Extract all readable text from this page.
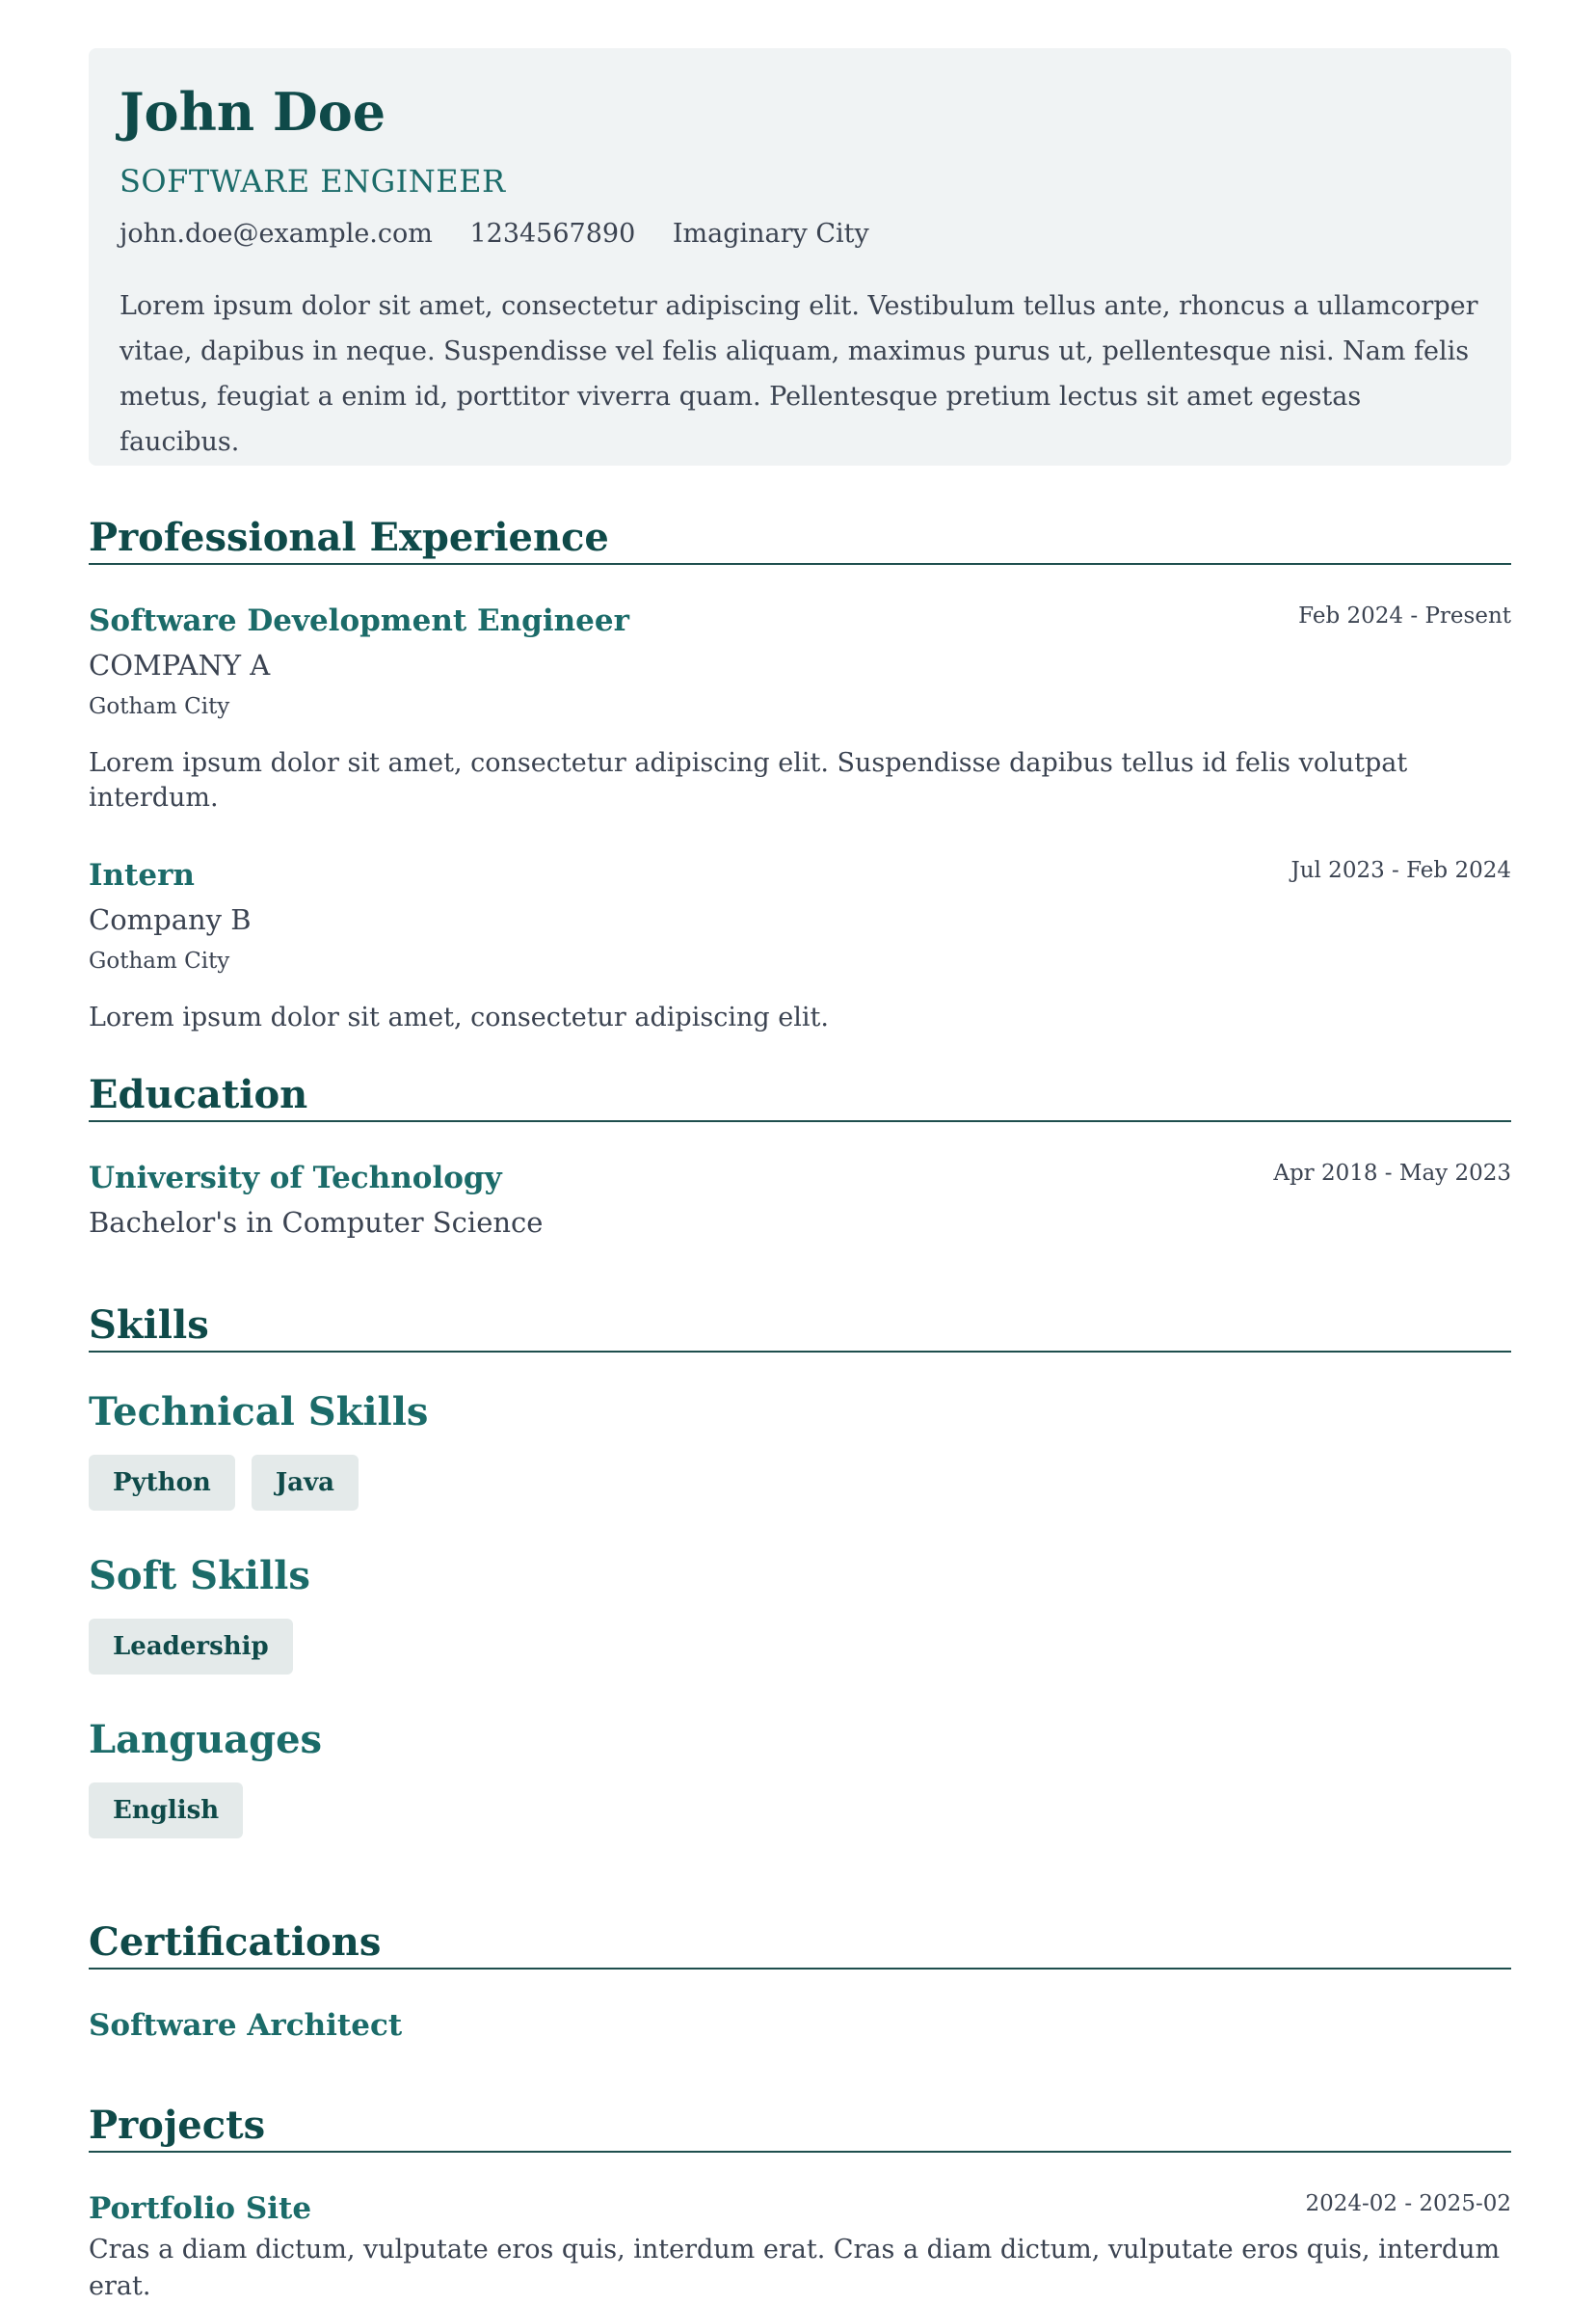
John Doe
SOFTWARE ENGINEER
john.doe@example.com 1234567890 Imaginary City
Lorem ipsum dolor sit amet, consectetur adipiscing elit. Vestibulum tellus ante, rhoncus a ullamcorper vitae, dapibus in neque. Suspendisse vel felis aliquam, maximus purus ut, pellentesque nisi. Nam felis metus, feugiat a enim id, porttitor viverra quam. Pellentesque pretium lectus sit amet egestas faucibus.
Professional Experience
Software Development Engineer	Feb 2024 - Present
COMPANY A
Gotham City
Lorem ipsum dolor sit amet, consectetur adipiscing elit. Suspendisse dapibus tellus id felis volutpat interdum.
Intern	Jul 2023 - Feb 2024
Company B
Gotham City
Lorem ipsum dolor sit amet, consectetur adipiscing elit.
Education
University of Technology	Apr 2018 - May 2023
Bachelor's in Computer Science
Skills
Technical Skills
Python	Java
Soft Skills
Leadership
Languages
English
Certifications
Software Architect
Projects
Portfolio Site	2024-02 - 2025-02
Cras a diam dictum, vulputate eros quis, interdum erat. Cras a diam dictum, vulputate eros quis, interdum erat.
